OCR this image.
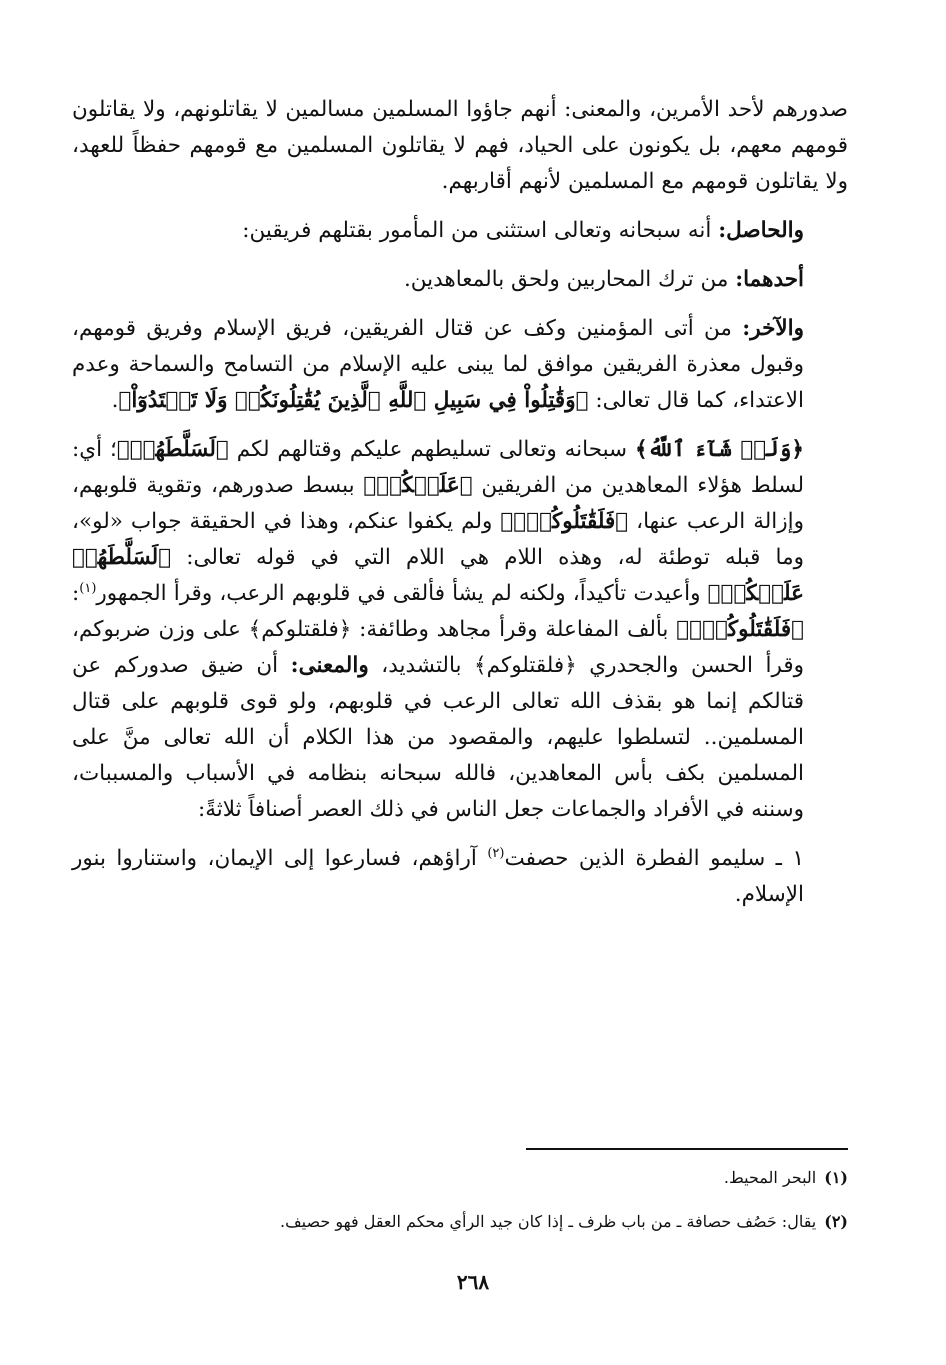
صدورهم لأحد الأمرين، والمعنى: أنهم جاؤوا المسلمين مسالمين لا يقاتلونهم، ولا يقاتلون قومهم معهم، بل يكونون على الحياد، فهم لا يقاتلون المسلمين مع قومهم حفظاً للعهد، ولا يقاتلون قومهم مع المسلمين لأنهم أقاربهم.

والحاصل: أنه سبحانه وتعالى استثنى من المأمور بقتلهم فريقين:

أحدهما: من ترك المحاربين ولحق بالمعاهدين.

والآخر: من أتى المؤمنين وكف عن قتال الفريقين، فريق الإسلام وفريق قومهم، وقبول معذرة الفريقين موافق لما يبنى عليه الإسلام من التسامح والسماحة وعدم الاعتداء، كما قال تعالى: ﴿وَقَٰتِلُواْ فِي سَبِيلِ ٱللَّهِ ٱلَّذِينَ يُقَٰتِلُونَكُمۡ وَلَا تَعۡتَدُوٓاْ﴾.

﴿وَلَوۡ شَآءَ ٱللَّهُ﴾ سبحانه وتعالى تسليطهم عليكم وقتالهم لكم ﴿لَسَلَّطَهُمۡ﴾؛ أي: لسلط هؤلاء المعاهدين من الفريقين ﴿عَلَيۡكُمۡ﴾ ببسط صدورهم، وتقوية قلوبهم، وإزالة الرعب عنها، ﴿فَلَقَٰتَلُوكُمۡۚ﴾ ولم يكفوا عنكم، وهذا في الحقيقة جواب «لو»، وما قبله توطئة له، وهذه اللام هي اللام التي في قوله تعالى: ﴿لَسَلَّطَهُمۡ عَلَيۡكُمۡ﴾ وأعيدت تأكيداً، ولكنه لم يشأ فألقى في قلوبهم الرعب، وقرأ الجمهور$^{(١)}$: ﴿فَلَقَٰتَلُوكُمۡۚ﴾ بألف المفاعلة وقرأ مجاهد وطائفة: ﴿فلقتلوكم﴾ على وزن ضربوكم، وقرأ الحسن والجحدري ﴿فلقتلوكم﴾ بالتشديد، والمعنى: أن ضيق صدوركم عن قتالكم إنما هو بقذف الله تعالى الرعب في قلوبهم، ولو قوى قلوبهم على قتال المسلمين.. لتسلطوا عليهم، والمقصود من هذا الكلام أن الله تعالى منَّ على المسلمين بكف بأس المعاهدين، فالله سبحانه بنظامه في الأسباب والمسببات، وسننه في الأفراد والجماعات جعل الناس في ذلك العصر أصنافاً ثلاثةً:

١ ـ سليمو الفطرة الذين حصفت$^{(٢)}$ آراؤهم، فسارعوا إلى الإيمان، واستناروا بنور الإسلام.

(١)البحر المحيط.

(٢)يقال: حَصُف حصافة ـ من باب ظرف ـ إذا كان جيد الرأي محكم العقل فهو حصيف.

٢٦٨
